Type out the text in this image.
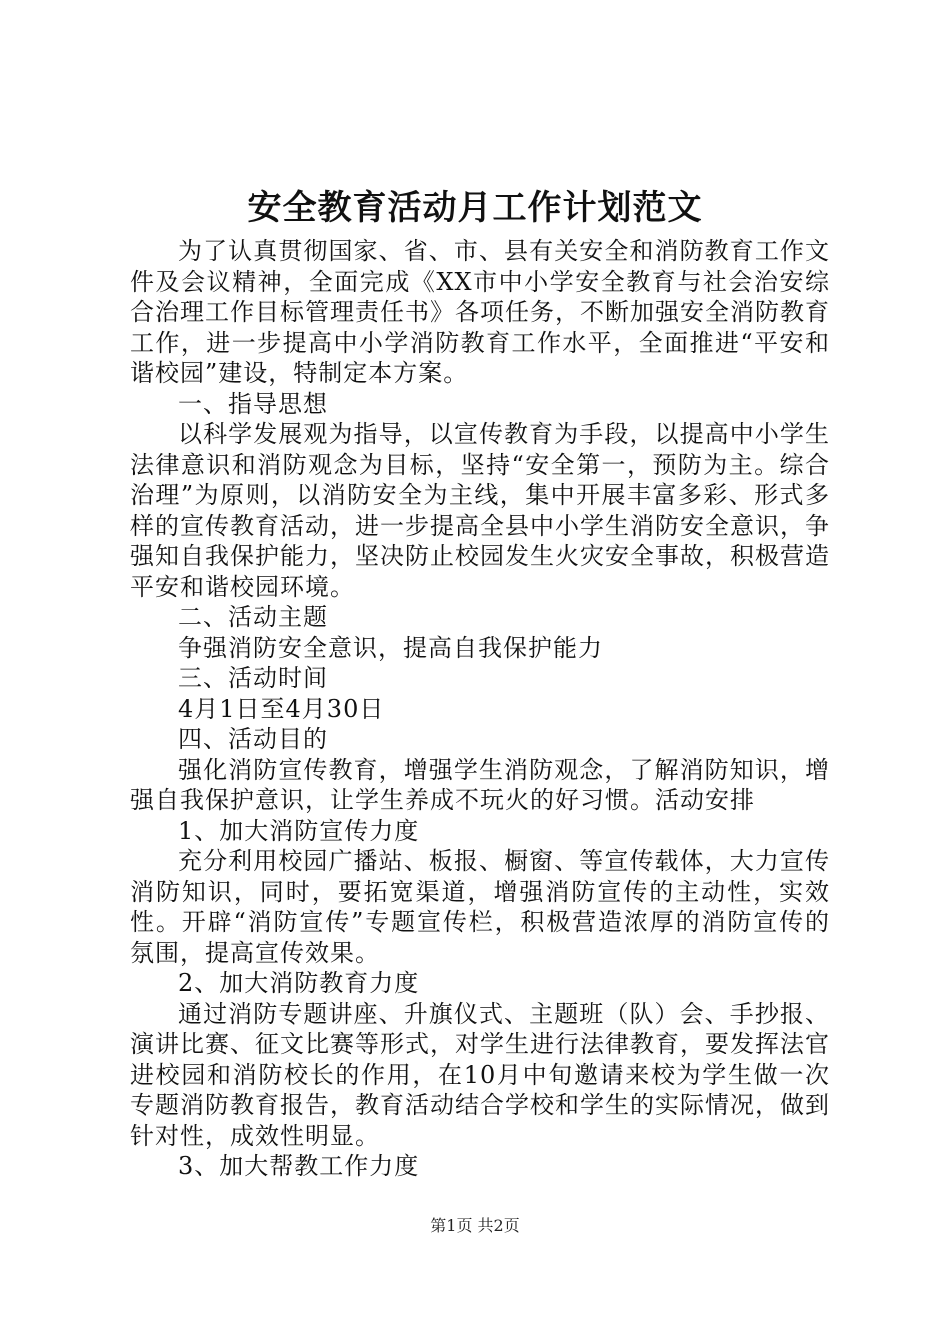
安全教育活动月工作计划范文

为了认真贯彻国家、省、市、县有关安全和消防教育工作文件及会议精神，全面完成《XX市中小学安全教育与社会治安综合治理工作目标管理责任书》各项任务，不断加强安全消防教育工作，进一步提高中小学消防教育工作水平，全面推进“平安和谐校园”建设，特制定本方案。

一、指导思想

以科学发展观为指导，以宣传教育为手段，以提高中小学生法律意识和消防观念为目标，坚持“安全第一，预防为主。综合治理”为原则，以消防安全为主线，集中开展丰富多彩、形式多样的宣传教育活动，进一步提高全县中小学生消防安全意识，争强知自我保护能力，坚决防止校园发生火灾安全事故，积极营造平安和谐校园环境。

二、活动主题

争强消防安全意识，提高自我保护能力

三、活动时间

4月1日至4月30日

四、活动目的

强化消防宣传教育，增强学生消防观念，了解消防知识，增强自我保护意识，让学生养成不玩火的好习惯。活动安排

1、加大消防宣传力度

充分利用校园广播站、板报、橱窗、等宣传载体，大力宣传消防知识，同时，要拓宽渠道，增强消防宣传的主动性，实效性。开辟“消防宣传”专题宣传栏，积极营造浓厚的消防宣传的氛围，提高宣传效果。

2、加大消防教育力度

通过消防专题讲座、升旗仪式、主题班（队）会、手抄报、演讲比赛、征文比赛等形式，对学生进行法律教育，要发挥法官进校园和消防校长的作用，在10月中旬邀请来校为学生做一次专题消防教育报告，教育活动结合学校和学生的实际情况，做到针对性，成效性明显。

3、加大帮教工作力度

第1页 共2页
